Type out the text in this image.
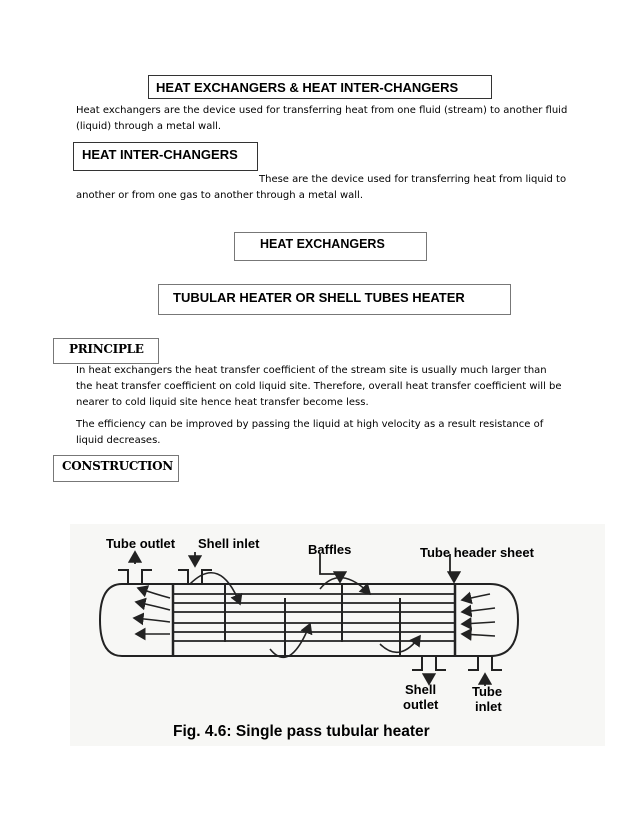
HEAT EXCHANGERS & HEAT INTER-CHANGERS
Heat exchangers are the device used for transferring heat from one fluid (stream) to another fluid (liquid) through a metal wall.
HEAT INTER-CHANGERS
These are the device used for transferring heat from liquid to
another or from one gas to another through a metal wall.
HEAT EXCHANGERS
TUBULAR HEATER OR SHELL TUBES HEATER
PRINCIPLE
In heat exchangers the heat transfer coefficient of the stream site is usually much larger than the heat transfer coefficient on cold liquid site. Therefore, overall heat transfer coefficient will be nearer to cold liquid site hence heat transfer become less.
The efficiency can be improved by passing the liquid at high velocity as a result resistance of liquid decreases.
CONSTRUCTION
Tube outlet Shell inlet	Baffles	Tube header sheet
Shell
outlet
Tube
inlet
Fig. 4.6: Single pass tubular heater
